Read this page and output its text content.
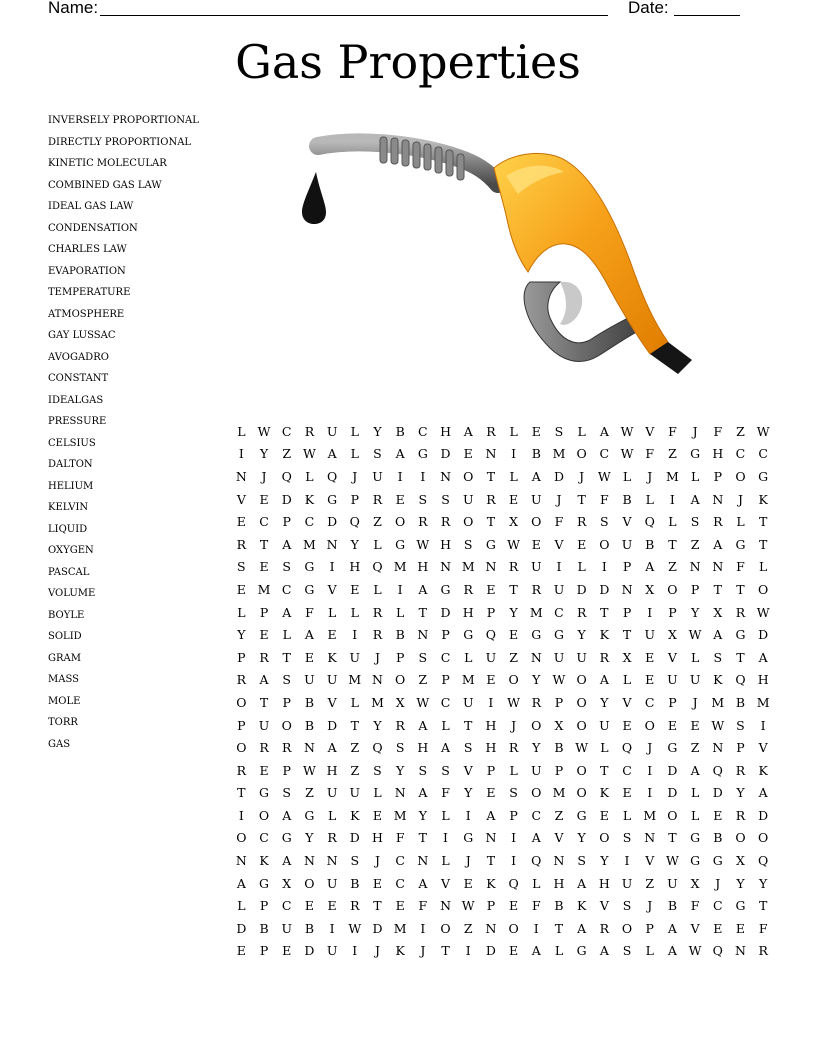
Name:	Date:
Gas Properties
INVERSELY PROPORTIONAL
DIRECTLY PROPORTIONAL
KINETIC MOLECULAR
COMBINED GAS LAW
IDEAL GAS LAW
CONDENSATION
CHARLES LAW
EVAPORATION
TEMPERATURE
ATMOSPHERE
GAY LUSSAC
AVOGADRO
CONSTANT
IDEALGAS
PRESSURE
CELSIUS
DALTON
HELIUM
KELVIN
LIQUID
OXYGEN
PASCAL
VOLUME
BOYLE
SOLID
GRAM
MASS
MOLE
TORR
GAS
L W C	R	U	L	Y	B	C H	A	R	L	E	S	L	A W V	F	J	F	Z W
I	Y	Z W A	L	S	A	G	D	E	N	I	B M O	C W F	Z	G H C	C
N	J	Q	L	Q	J	U	I	I	N O	T	L	A	D	J	W L	J	M L	P	O	G
V	E	D	K	G	P	R	E	S	S	U	R	E	U	J	T	F	B	L	I	A	N	J	K
E	C	P	C	D	Q	Z	O	R	R	O	T	X	O	F	R	S	V	Q	L	S	R	L	T
R	T	A M N	Y	L	G W H	S	G W E	V	E	O U	B	T	Z	A	G	T
S	E	S	G	I	H Q M H N M N	R	U	I	L	I	P	A	Z	N N	F	L
E M C	G	V	E	L	I	A	G	R	E	T	R	U D	D N	X	O	P	T	T	O
L	P	A	F	L	L	R	L	T	D H	P	Y M C	R	T	P	I	P	Y	X	R W
Y	E	L	A	E	I	R	B	N	P	G	Q	E	G	G	Y	K	T	U	X W A	G	D
P	R	T	E	K	U	J	P	S	C	L	U	Z	N U U	R	X	E	V	L	S	T	A
R	A	S	U U M N O	Z	P M E	O	Y W O	A	L	E	U U	K	Q H
O	T	P	B	V	L M X W C	U	I	W R	P	O	Y	V	C	P	J	M B M
P	U O	B	D	T	Y	R	A	L	T	H	J	O	X	O U	E	O	E	E W S	I
O	R	R	N	A	Z	Q	S	H	A	S	H	R	Y	B W L	Q	J	G	Z	N	P	V
R	E	P W H	Z	S	Y	S	S	V	P	L	U	P	O	T	C	I	D	A	Q	R	K
T	G	S	Z	U U	L	N	A	F	Y	E	S	O M O	K	E	I	D	L	D	Y	A
I	O	A	G	L	K	E M Y	L	I	A	P	C	Z	G	E	L M O	L	E	R	D
O	C	G	Y	R	D H	F	T	I	G N	I	A	V	Y	O	S	N	T	G	B	O O
N	K	A	N N	S	J	C N	L	J	T	I	Q N	S	Y	I	V W G	G	X	Q
A	G	X	O U	B	E	C	A	V	E	K	Q	L	H	A	H U	Z	U	X	J	Y	Y
L	P	C	E	E	R	T	E	F	N W P	E	F	B	K	V	S	J	B	F	C	G	T
D	B	U	B	I	W D M	I	O	Z	N O	I	T	A	R	O	P	A	V	E	E	F
E	P	E	D U	I	J	K	J	T	I	D	E	A	L	G	A	S	L	A W Q N	R
